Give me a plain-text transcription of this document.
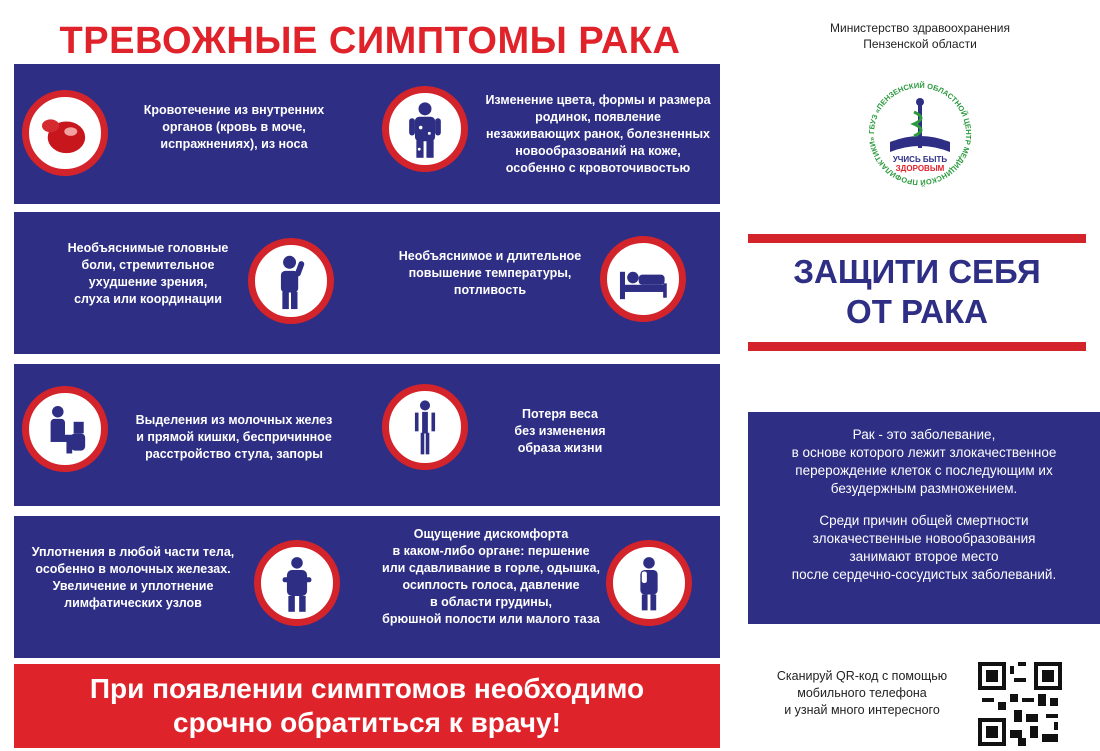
ТРЕВОЖНЫЕ СИМПТОМЫ РАКА
Кровотечение из внутренних
органов (кровь в моче,
испражнениях), из носа
Изменение цвета, формы и размера
родинок, появление
незаживающих ранок, болезненных
новообразований на коже,
особенно с кровоточивостью
Необъяснимые головные
боли, стремительное
ухудшение зрения,
слуха или координации
Необъяснимое и длительное
повышение температуры,
потливость
Выделения из молочных желез
и прямой кишки, беспричинное
расстройство стула, запоры
Потеря веса
без изменения
образа жизни
Уплотнения в любой части тела,
особенно в молочных железах.
Увеличение и уплотнение
лимфатических узлов
Ощущение дискомфорта
в каком-либо органе: першение
или сдавливание в горле, одышка,
осиплость голоса, давление
в области грудины,
брюшной полости или малого таза
При появлении симптомов необходимо
срочно обратиться к врачу!
Министерство здравоохранения
Пензенской области
ГБУЗ «ПЕНЗЕНСКИЙ ОБЛАСТНОЙ ЦЕНТР МЕДИЦИНСКОЙ ПРОФИЛАКТИКИ»
УЧИСЬ БЫТЬ
ЗДОРОВЫМ
ЗАЩИТИ СЕБЯ
ОТ РАКА
Рак - это заболевание,
в основе которого лежит злокачественное
перерождение клеток с последующим их
безудержным размножением.
Среди причин общей смертности
злокачественные новообразования
занимают второе место
после сердечно-сосудистых заболеваний.
Сканируй QR-код с помощью
мобильного телефона
и узнай много интересного
